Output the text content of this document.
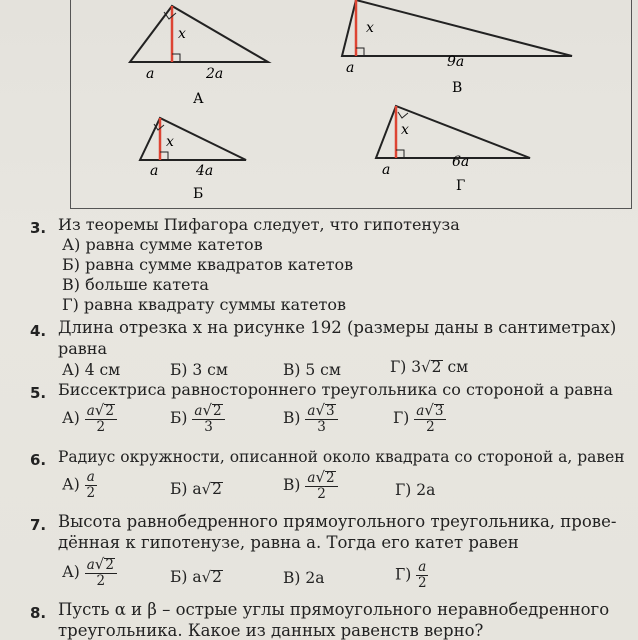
x
a	2a
А
x
a	9a
В
x
a	4a
Б
x
a	6a
Г
3. Из теоремы Пифагора следует, что гипотенуза
А) равна сумме катетов
Б) равна сумме квадратов катетов
В) больше катета
Г) равна квадрату суммы катетов
4. Длина отрезка x на рисунке 192 (размеры даны в сантиметрах)
равна
А) 4 см	Б) 3 см	В) 5 см	Г) 3√2 см
5. Биссектриса равностороннего треугольника со стороной a равна
$А) \frac{a√2}{2}$	$Б) \frac{a√2}{3}$	$В) \frac{a√3}{3}$	$Г) \frac{a√3}{2}$
6. Радиус окружности, описанной около квадрата со стороной a, равен
$А) \frac{a}{2}$	Б) a√2	$В) \frac{a√2}{2}$	Г) 2a
7. Высота равнобедренного прямоугольного треугольника, прове-
дённая к гипотенузе, равна a. Тогда его катет равен
$А) \frac{a√2}{2}$	Б) a√2	В) 2a	$Г) \frac{a}{2}$
8. Пусть α и β – острые углы прямоугольного неравнобедренного
треугольника. Какое из данных равенств верно?
